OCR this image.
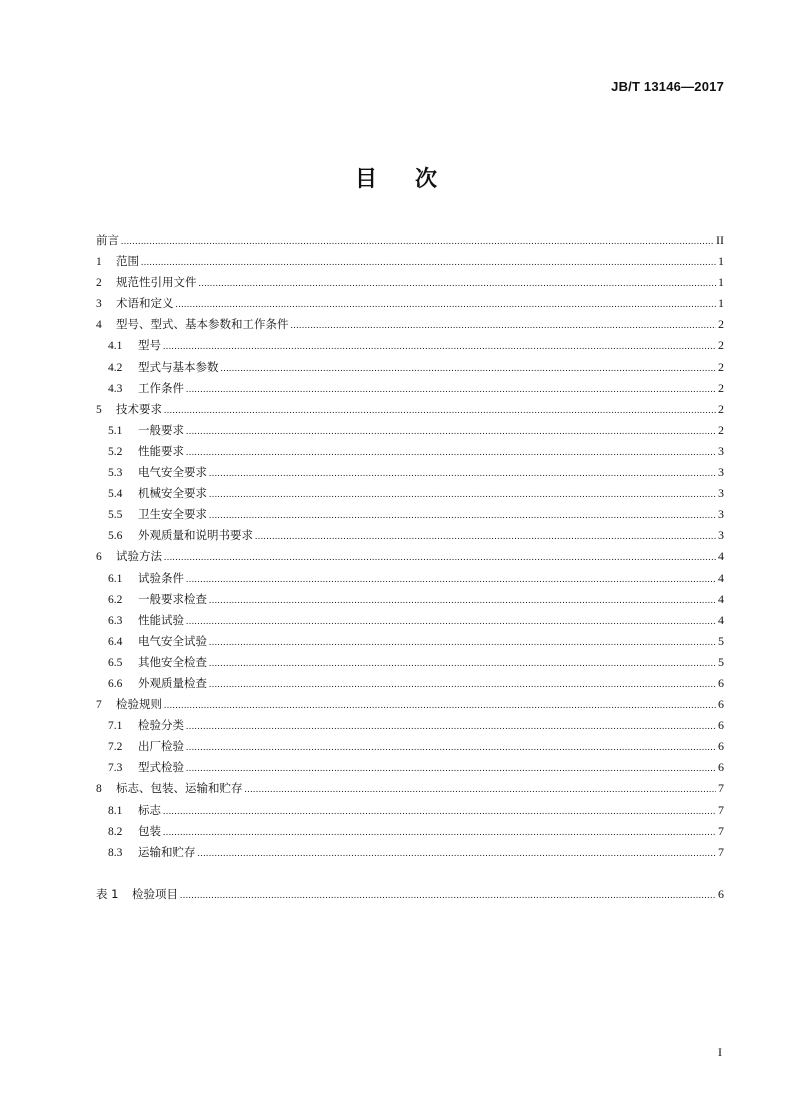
JB/T 13146—2017
目 次
前言 .....	II
1	范围 .....	1
2	规范性引用文件 .....	1
3	术语和定义 .....	1
4	型号、型式、基本参数和工作条件 .....	2
4.1	型号 .....	2
4.2	型式与基本参数 .....	2
4.3	工作条件 .....	2
5	技术要求 .....	2
5.1	一般要求 .....	2
5.2	性能要求 .....	3
5.3	电气安全要求 .....	3
5.4	机械安全要求 .....	3
5.5	卫生安全要求 .....	3
5.6	外观质量和说明书要求 .....	3
6	试验方法 .....	4
6.1	试验条件 .....	4
6.2	一般要求检查 .....	4
6.3	性能试验 .....	4
6.4	电气安全试验 .....	5
6.5	其他安全检查 .....	5
6.6	外观质量检查 .....	6
7	检验规则 .....	6
7.1	检验分类 .....	6
7.2	出厂检验 .....	6
7.3	型式检验 .....	6
8	标志、包装、运输和贮存 .....	7
8.1	标志 .....	7
8.2	包装 .....	7
8.3	运输和贮存 .....	7
表 1	检验项目 .....	6
I
